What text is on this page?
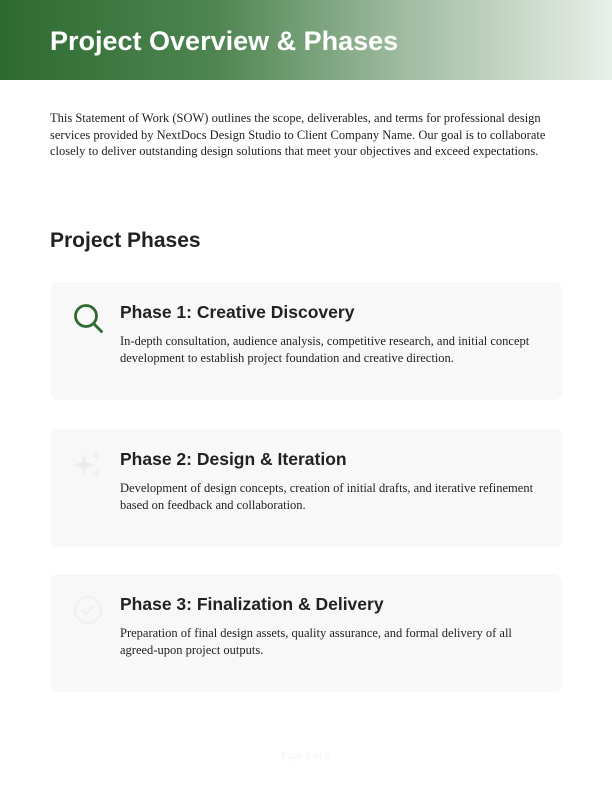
Project Overview & Phases

This Statement of Work (SOW) outlines the scope, deliverables, and terms for professional design services provided by NextDocs Design Studio to Client Company Name. Our goal is to collaborate closely to deliver outstanding design solutions that meet your objectives and exceed expectations.

Project Phases
Phase 1: Creative Discovery

In-depth consultation, audience analysis, competitive research, and initial concept development to establish project foundation and creative direction.

Phase 2: Design & Iteration

Development of design concepts, creation of initial drafts, and iterative refinement based on feedback and collaboration.

Phase 3: Finalization & Delivery

Preparation of final design assets, quality assurance, and formal delivery of all agreed-upon project outputs.

Page 2 of 6
